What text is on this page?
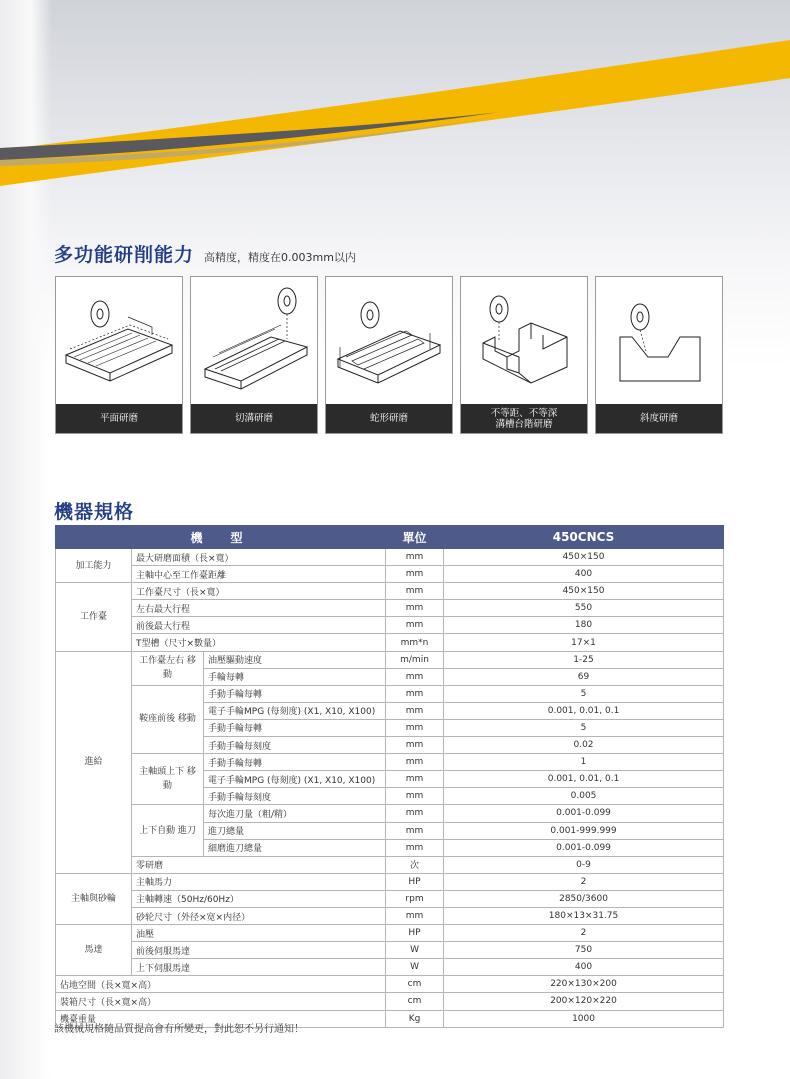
多功能研削能力 高精度，精度在0.003mm以内
平面研磨	切溝研磨	蛇形研磨	不等距、不等深
溝槽台階研磨	斜度研磨
機器規格
機　型			單位	450CNCS
加工能力	最大研磨面積（長×寬）		mm	450×150
	主軸中心至工作臺距離		mm	400
工作臺	工作臺尺寸（長×寬）		mm	450×150
	左右最大行程		mm	550
	前後最大行程		mm	180
	T型槽（尺寸×數量）		mm*n	17×1
進給	工作臺左右 移動	油壓驅動速度	m/min	1-25
		手輪每轉	mm	69
	鞍座前後 移動	手動手輪每轉	mm	5
		電子手輪MPG (每刻度) (X1, X10, X100)	mm	0.001, 0.01, 0.1
		手動手輪每轉	mm	5
		手動手輪每刻度	mm	0.02
	主軸頭上下 移動	手動手輪每轉	mm	1
		電子手輪MPG (每刻度) (X1, X10, X100)	mm	0.001, 0.01, 0.1
		手動手輪每刻度	mm	0.005
	上下自動 進刀	每次進刀量（粗/精）	mm	0.001-0.099
		進刀總量	mm	0.001-999.999
		細磨進刀總量	mm	0.001-0.099
	零研磨		次	0-9
主軸與砂輪	主軸馬力		HP	2
	主軸轉速（50Hz/60Hz）		rpm	2850/3600
	砂轮尺寸（外径×宽×内径）		mm	180×13×31.75
馬達	油壓		HP	2
	前後伺服馬達		W	750
	上下伺服馬達		W	400
佔地空間（長×寬×高）			cm	220×130×200
裝箱尺寸（長×寬×高）			cm	200×120×220
機臺重量			Kg	1000
該機械規格隨品質提高會有所變更，對此恕不另行通知！
